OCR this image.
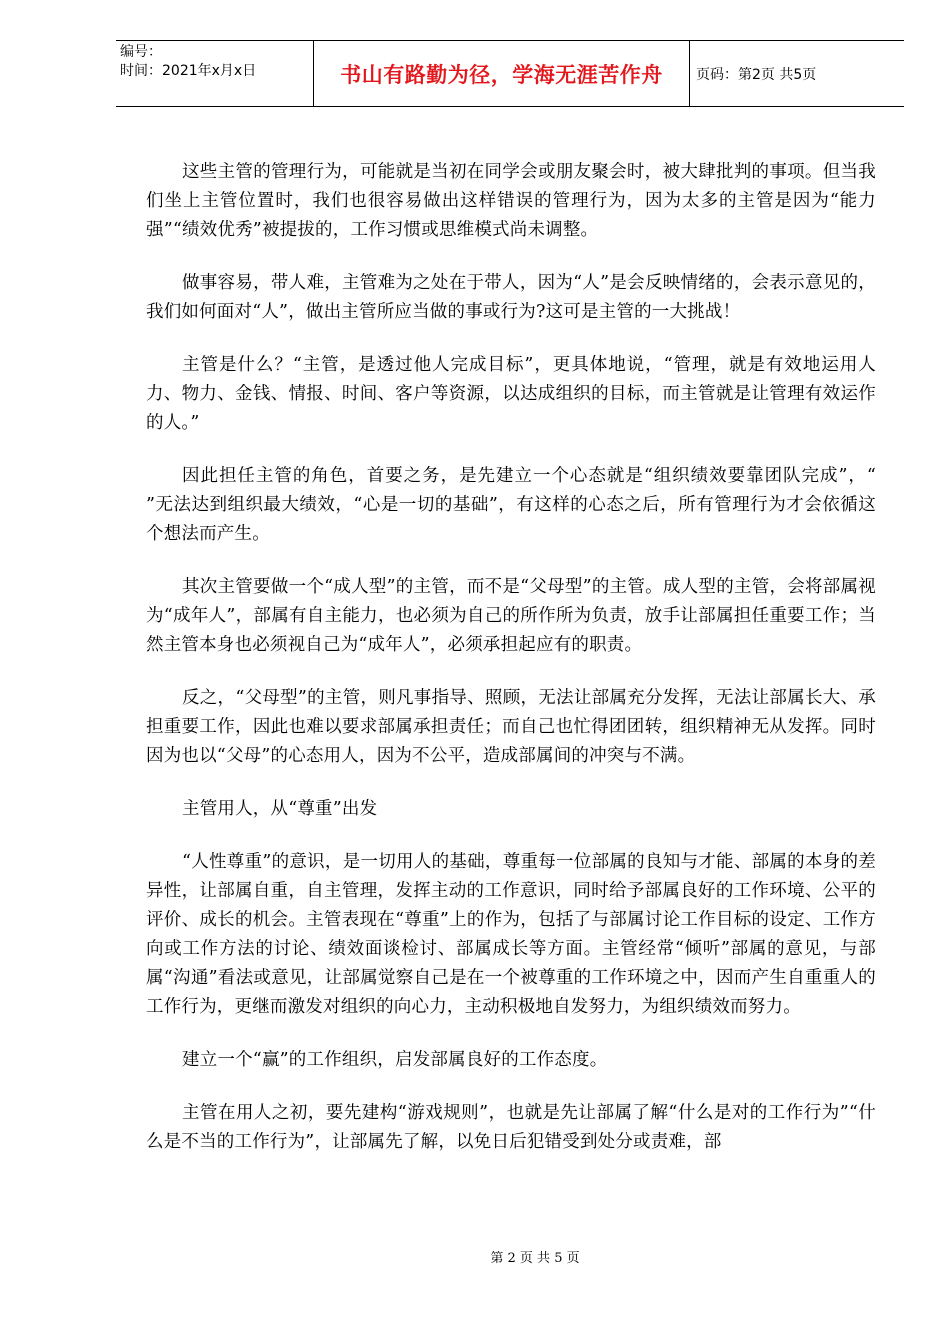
编号：
时间：2021年x月x日	书山有路勤为径，学海无涯苦作舟	页码：第2页 共5页

这些主管的管理行为，可能就是当初在同学会或朋友聚会时，被大肆批判的事项。但当我们坐上主管位置时，我们也很容易做出这样错误的管理行为，因为太多的主管是因为“能力强”“绩效优秀”被提拔的，工作习惯或思维模式尚未调整。

做事容易，带人难，主管难为之处在于带人，因为“人”是会反映情绪的，会表示意见的，我们如何面对“人”，做出主管所应当做的事或行为?这可是主管的一大挑战！

主管是什么？“主管，是透过他人完成目标”，更具体地说，“管理，就是有效地运用人力、物力、金钱、情报、时间、客户等资源，以达成组织的目标，而主管就是让管理有效运作的人。”

因此担任主管的角色，首要之务，是先建立一个心态就是“组织绩效要靠团队完成”，“ ”无法达到组织最大绩效，“心是一切的基础”，有这样的心态之后，所有管理行为才会依循这个想法而产生。

其次主管要做一个“成人型”的主管，而不是“父母型”的主管。成人型的主管，会将部属视为“成年人”，部属有自主能力，也必须为自己的所作所为负责，放手让部属担任重要工作；当然主管本身也必须视自己为“成年人”，必须承担起应有的职责。

反之，“父母型”的主管，则凡事指导、照顾，无法让部属充分发挥，无法让部属长大、承担重要工作，因此也难以要求部属承担责任；而自己也忙得团团转，组织精神无从发挥。同时因为也以“父母”的心态用人，因为不公平，造成部属间的冲突与不满。

主管用人，从“尊重”出发

“人性尊重”的意识，是一切用人的基础，尊重每一位部属的良知与才能、部属的本身的差异性，让部属自重，自主管理，发挥主动的工作意识，同时给予部属良好的工作环境、公平的评价、成长的机会。主管表现在“尊重”上的作为，包括了与部属讨论工作目标的设定、工作方向或工作方法的讨论、绩效面谈检讨、部属成长等方面。主管经常“倾听”部属的意见，与部属“沟通”看法或意见，让部属觉察自己是在一个被尊重的工作环境之中，因而产生自重重人的工作行为，更继而激发对组织的向心力，主动积极地自发努力，为组织绩效而努力。

建立一个“赢”的工作组织，启发部属良好的工作态度。

主管在用人之初，要先建构“游戏规则”，也就是先让部属了解“什么是对的工作行为”“什么是不当的工作行为”，让部属先了解，以免日后犯错受到处分或责难，部

第 2 页 共 5 页
